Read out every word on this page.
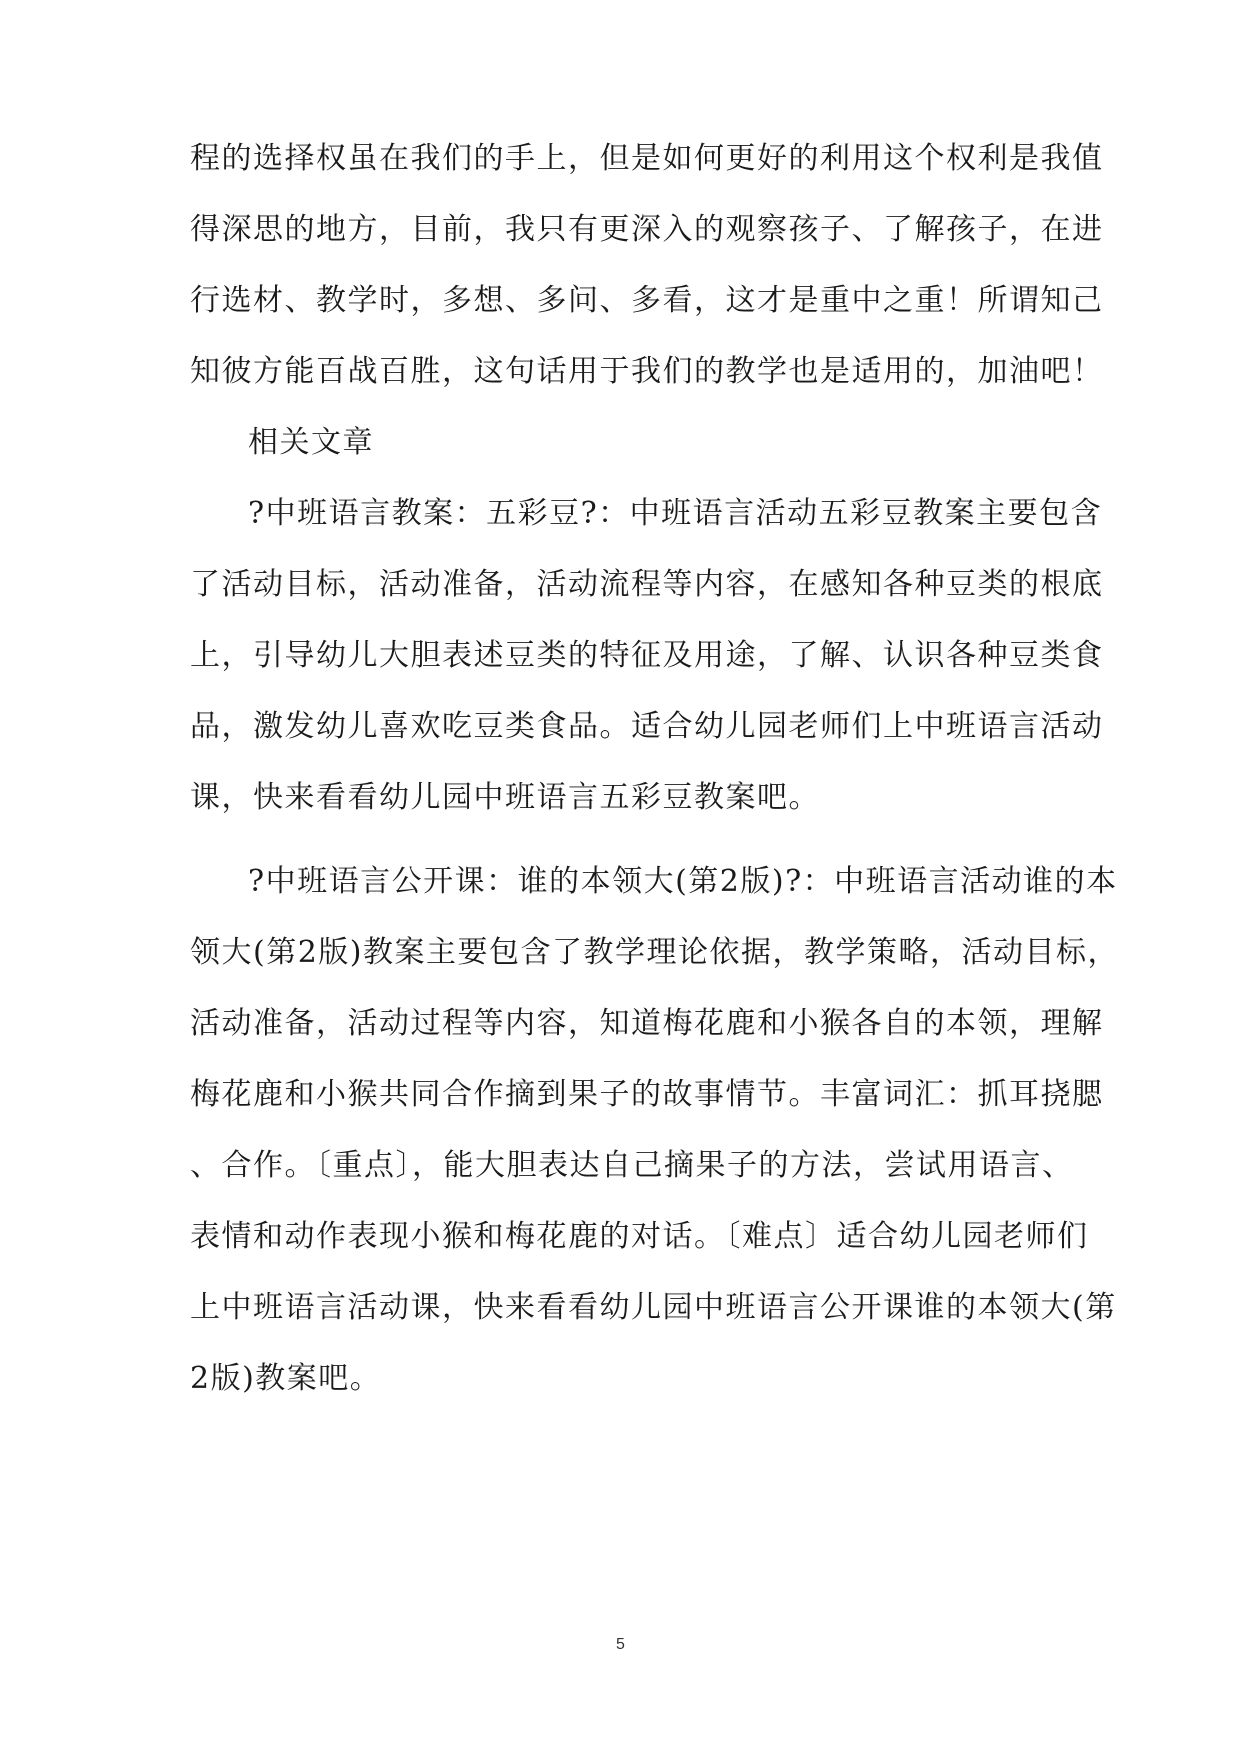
程的选择权虽在我们的手上，但是如何更好的利用这个权利是我值
得深思的地方，目前，我只有更深入的观察孩子、了解孩子，在进
行选材、教学时，多想、多问、多看，这才是重中之重！所谓知己
知彼方能百战百胜，这句话用于我们的教学也是适用的，加油吧！
相关文章
?中班语言教案：五彩豆?：中班语言活动五彩豆教案主要包含
了活动目标，活动准备，活动流程等内容，在感知各种豆类的根底
上，引导幼儿大胆表述豆类的特征及用途，了解、认识各种豆类食
品，激发幼儿喜欢吃豆类食品。适合幼儿园老师们上中班语言活动
课，快来看看幼儿园中班语言五彩豆教案吧。
?中班语言公开课：谁的本领大(第2版)?：中班语言活动谁的本
领大(第2版)教案主要包含了教学理论依据，教学策略，活动目标，
活动准备，活动过程等内容，知道梅花鹿和小猴各自的本领，理解
梅花鹿和小猴共同合作摘到果子的故事情节。丰富词汇：抓耳挠腮
、合作。〔重点〕，能大胆表达自己摘果子的方法，尝试用语言、
表情和动作表现小猴和梅花鹿的对话。〔难点〕适合幼儿园老师们
上中班语言活动课，快来看看幼儿园中班语言公开课谁的本领大(第
2版)教案吧。
5
